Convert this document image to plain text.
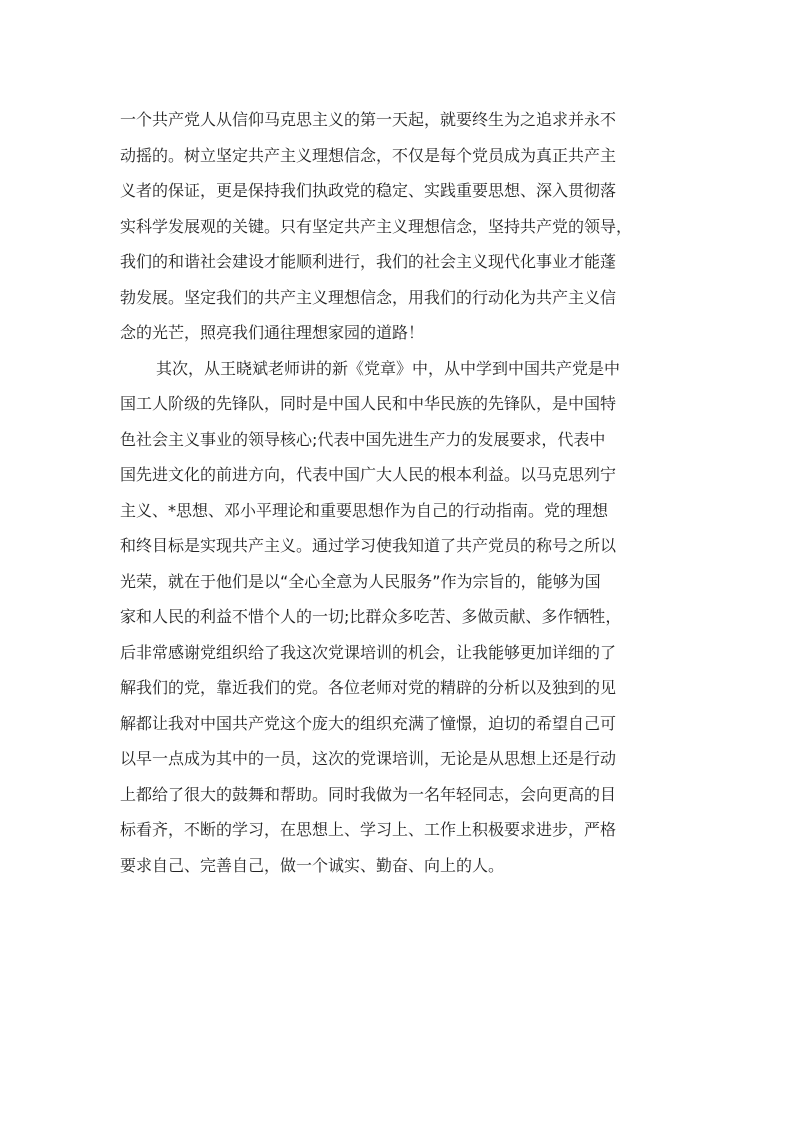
一个共产党人从信仰马克思主义的第一天起，就要终生为之追求并永不
动摇的。树立坚定共产主义理想信念，不仅是每个党员成为真正共产主
义者的保证，更是保持我们执政党的稳定、实践重要思想、深入贯彻落
实科学发展观的关键。只有坚定共产主义理想信念，坚持共产党的领导，
我们的和谐社会建设才能顺利进行，我们的社会主义现代化事业才能蓬
勃发展。坚定我们的共产主义理想信念，用我们的行动化为共产主义信
念的光芒，照亮我们通往理想家园的道路！
其次，从王晓斌老师讲的新《党章》中，从中学到中国共产党是中
国工人阶级的先锋队，同时是中国人民和中华民族的先锋队，是中国特
色社会主义事业的领导核心;代表中国先进生产力的发展要求，代表中
国先进文化的前进方向，代表中国广大人民的根本利益。以马克思列宁
主义、*思想、邓小平理论和重要思想作为自己的行动指南。党的理想
和终目标是实现共产主义。通过学习使我知道了共产党员的称号之所以
光荣，就在于他们是以“全心全意为人民服务”作为宗旨的，能够为国
家和人民的利益不惜个人的一切;比群众多吃苦、多做贡献、多作牺牲，
后非常感谢党组织给了我这次党课培训的机会，让我能够更加详细的了
解我们的党，靠近我们的党。各位老师对党的精辟的分析以及独到的见
解都让我对中国共产党这个庞大的组织充满了憧憬，迫切的希望自己可
以早一点成为其中的一员，这次的党课培训，无论是从思想上还是行动
上都给了很大的鼓舞和帮助。同时我做为一名年轻同志，会向更高的目
标看齐，不断的学习，在思想上、学习上、工作上积极要求进步，严格
要求自己、完善自己，做一个诚实、勤奋、向上的人。
